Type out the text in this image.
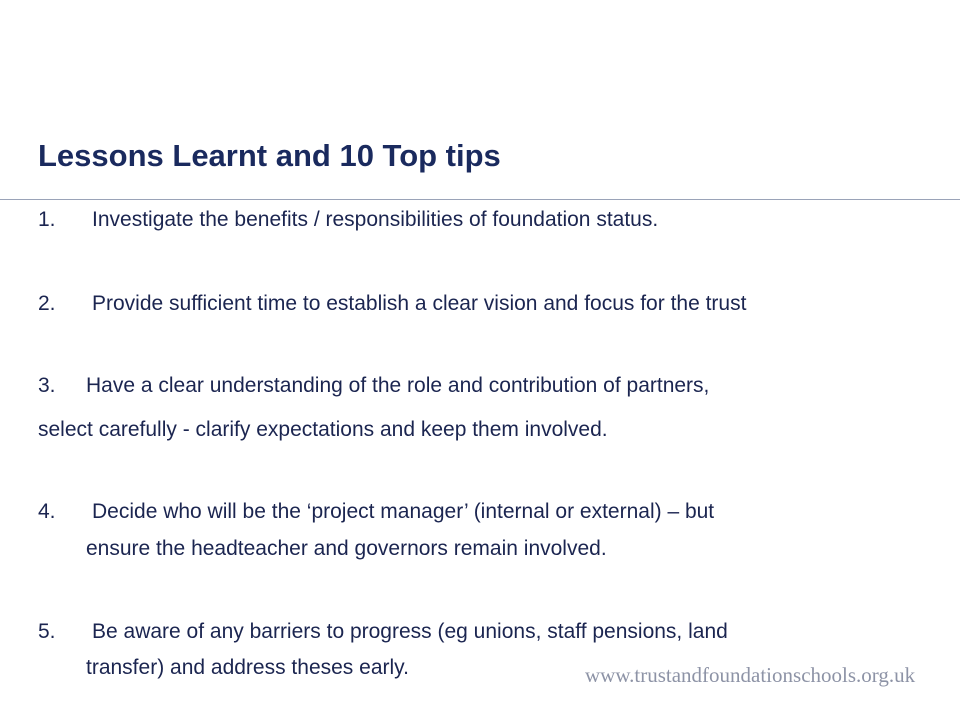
Lessons Learnt and 10 Top tips
1. Investigate the benefits / responsibilities of foundation status.
2. Provide sufficient time to establish a clear vision and focus for the trust
3. Have a clear understanding of the role and contribution of partners,
select carefully - clarify expectations and keep them involved.
4. Decide who will be the ‘project manager’ (internal or external) – but
ensure the headteacher and governors remain involved.
5. Be aware of any barriers to progress (eg unions, staff pensions, land
transfer) and address theses early.	www.trustandfoundationschools.org.uk
